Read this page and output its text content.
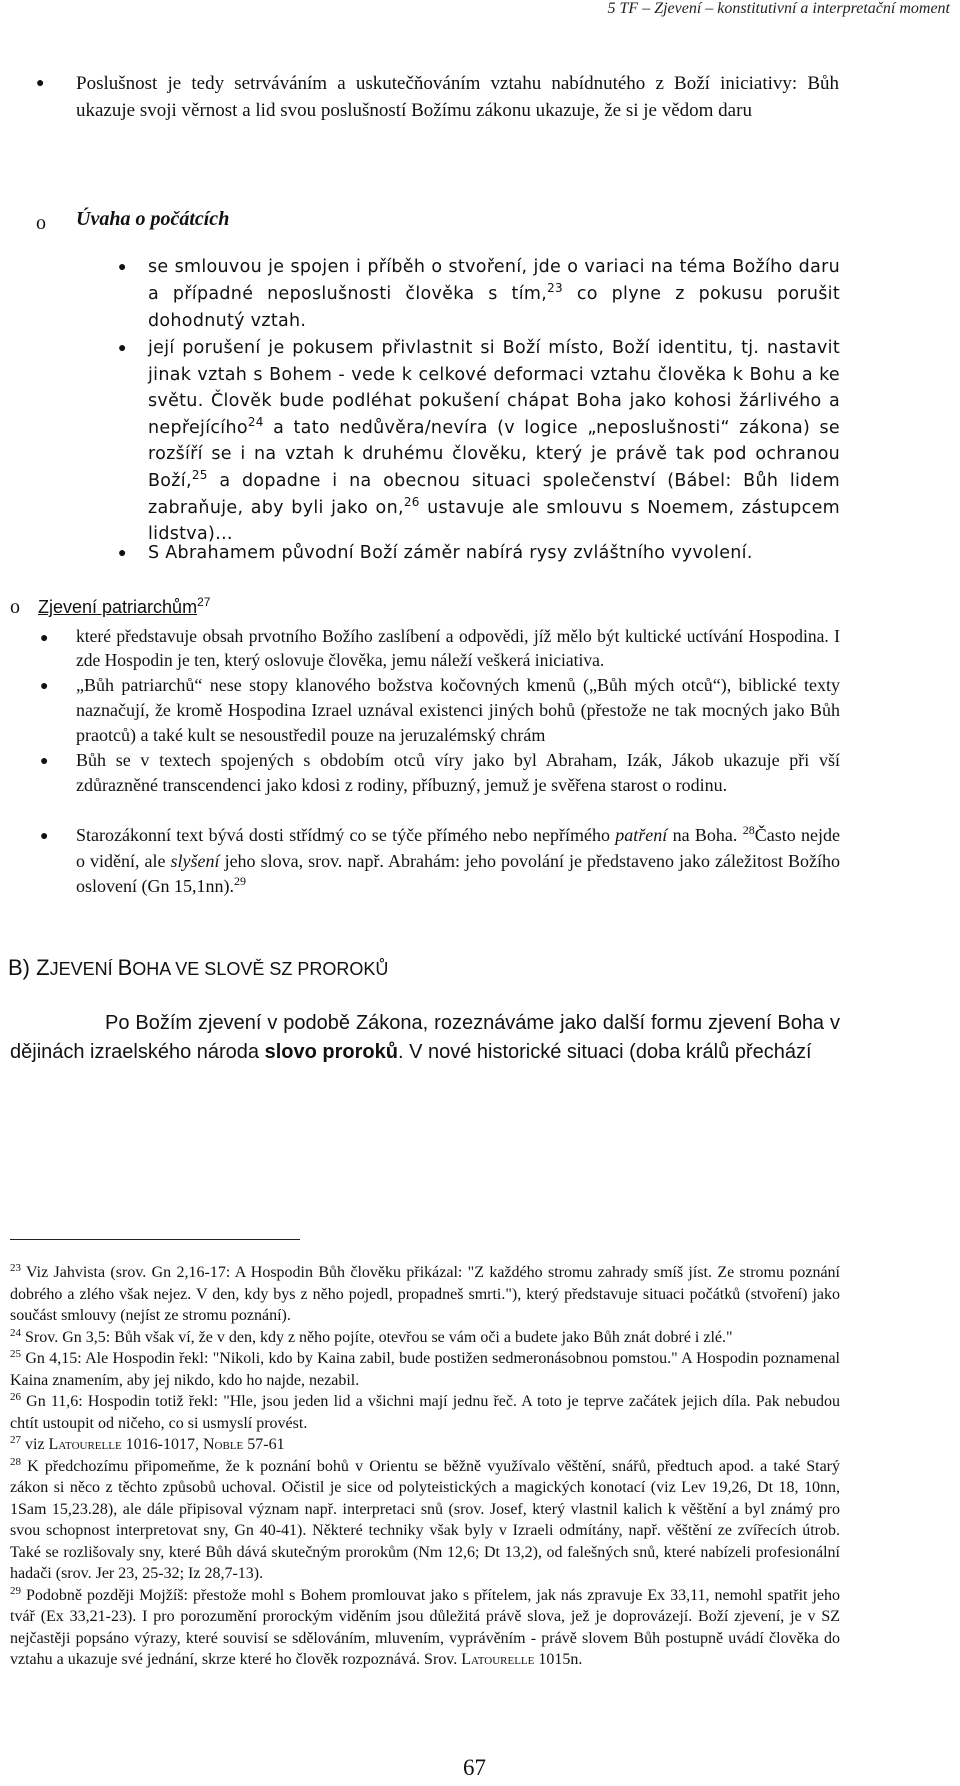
5 TF – Zjevení – konstitutivní a interpretační moment
● Poslušnost je tedy setrváváním a uskutečňováním vztahu nabídnutého z Boží iniciativy: Bůh ukazuje svoji věrnost a lid svou poslušností Božímu zákonu ukazuje, že si je vědom daru

o Úvaha o počátcích
● se smlouvou je spojen i příběh o stvoření, jde o variaci na téma Božího daru a případné neposlušnosti člověka s tím,$^{23}$ co plyne z pokusu porušit dohodnutý vztah.

● její porušení je pokusem přivlastnit si Boží místo, Boží identitu, tj. nastavit jinak vztah s Bohem - vede k celkové deformaci vztahu člověka k Bohu a ke světu. Člověk bude podléhat pokušení chápat Boha jako kohosi žárlivého a nepřejícího$^{24}$ a tato nedůvěra/nevíra (v logice „neposlušnosti“ zákona) se rozšíří se i na vztah k druhému člověku, který je právě tak pod ochranou Boží,$^{25}$ a dopadne i na obecnou situaci společenství (Bábel: Bůh lidem zabraňuje, aby byli jako on,$^{26}$ ustavuje ale smlouvu s Noemem, zástupcem lidstva)…

● S Abrahamem původní Boží záměr nabírá rysy zvláštního vyvolení.

o Zjevení patriarchům$^{27}$
● které představuje obsah prvotního Božího zaslíbení a odpovědi, jíž mělo být kultické uctívání Hospodina. I zde Hospodin je ten, který oslovuje člověka, jemu náleží veškerá iniciativa.

● „Bůh patriarchů“ nese stopy klanového božstva kočovných kmenů („Bůh mých otců“), biblické texty naznačují, že kromě Hospodina Izrael uznával existenci jiných bohů (přestože ne tak mocných jako Bůh praotců) a také kult se nesoustředil pouze na jeruzalémský chrám

● Bůh se v textech spojených s obdobím otců víry jako byl Abraham, Izák, Jákob ukazuje při vší zdůrazněné transcendenci jako kdosi z rodiny, příbuzný, jemuž je svěřena starost o rodinu.

● Starozákonní text bývá dosti střídmý co se týče přímého nebo nepřímého patření na Boha. $^{28}$Často nejde o vidění, ale slyšení jeho slova, srov. např. Abrahám: jeho povolání je představeno jako záležitost Božího oslovení (Gn 15,1nn).$^{29}$

B) ZJEVENÍ BOHA VE SLOVĚ SZ PROROKŮ

Po Božím zjevení v podobě Zákona, rozeznáváme jako další formu zjevení Boha v dějinách izraelského národa slovo proroků. V nové historické situaci (doba králů přechází

$^{23}$ Viz Jahvista (srov. Gn 2,16-17: A Hospodin Bůh člověku přikázal: "Z každého stromu zahrady smíš jíst. Ze stromu poznání dobrého a zlého však nejez. V den, kdy bys z něho pojedl, propadneš smrti."), který představuje situaci počátků (stvoření) jako součást smlouvy (nejíst ze stromu poznání).

$^{24}$ Srov. Gn 3,5: Bůh však ví, že v den, kdy z něho pojíte, otevřou se vám oči a budete jako Bůh znát dobré i zlé."

$^{25}$ Gn 4,15: Ale Hospodin řekl: "Nikoli, kdo by Kaina zabil, bude postižen sedmeronásobnou pomstou." A Hospodin poznamenal Kaina znamením, aby jej nikdo, kdo ho najde, nezabil.

$^{26}$ Gn 11,6: Hospodin totiž řekl: "Hle, jsou jeden lid a všichni mají jednu řeč. A toto je teprve začátek jejich díla. Pak nebudou chtít ustoupit od ničeho, co si usmyslí provést.

$^{27}$ viz Latourelle 1016-1017, Noble 57-61

$^{28}$ K předchozímu připomeňme, že k poznání bohů v Orientu se běžně využívalo věštění, snářů, předtuch apod. a také Starý zákon si něco z těchto způsobů uchoval. Očistil je sice od polyteistických a magických konotací (viz Lev 19,26, Dt 18, 10nn, 1Sam 15,23.28), ale dále připisoval význam např. interpretaci snů (srov. Josef, který vlastnil kalich k věštění a byl známý pro svou schopnost interpretovat sny, Gn 40-41). Některé techniky však byly v Izraeli odmítány, např. věštění ze zvířecích útrob. Také se rozlišovaly sny, které Bůh dává skutečným prorokům (Nm 12,6; Dt 13,2), od falešných snů, které nabízeli profesionální hadači (srov. Jer 23, 25-32; Iz 28,7-13).

$^{29}$ Podobně později Mojžíš: přestože mohl s Bohem promlouvat jako s přítelem, jak nás zpravuje Ex 33,11, nemohl spatřit jeho tvář (Ex 33,21-23). I pro porozumění prorockým viděním jsou důležitá právě slova, jež je doprovázejí. Boží zjevení, je v SZ nejčastěji popsáno výrazy, které souvisí se sdělováním, mluvením, vyprávěním - právě slovem Bůh postupně uvádí člověka do vztahu a ukazuje své jednání, skrze které ho člověk rozpoznává. Srov. Latourelle 1015n.

67
